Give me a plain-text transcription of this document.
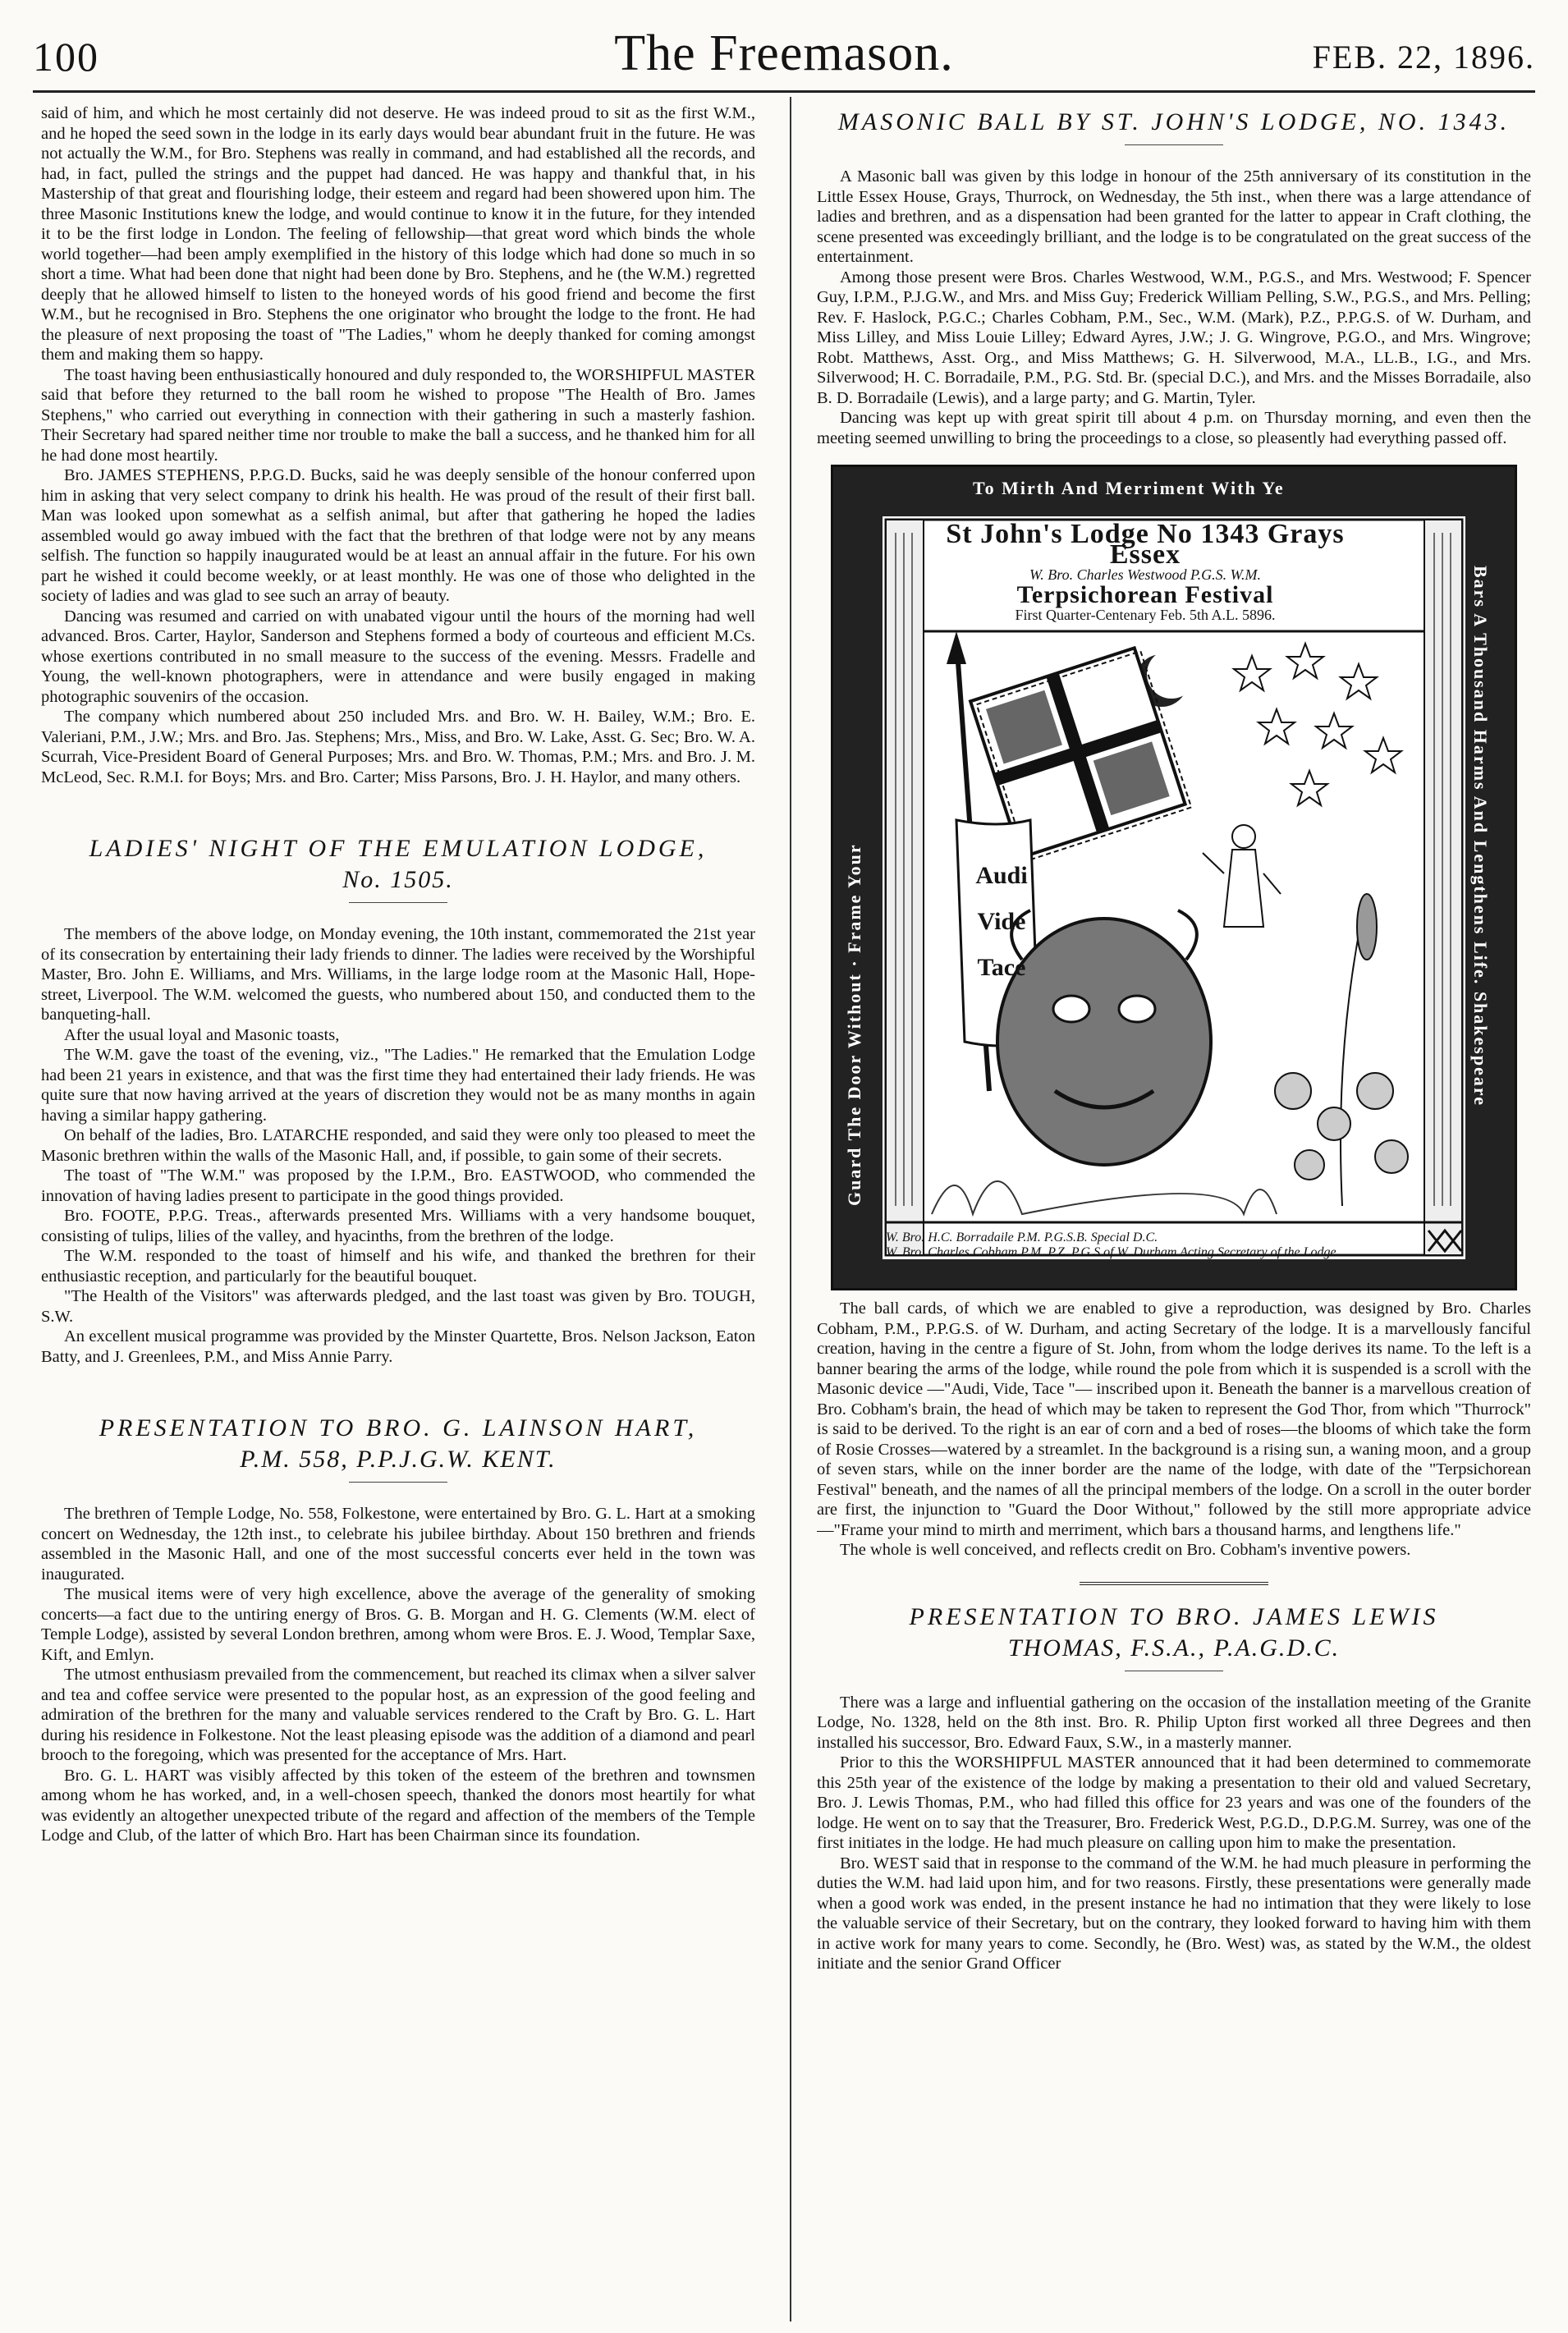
100	The Freemason.	FEB. 22, 1896.

said of him, and which he most certainly did not deserve. He was indeed proud to sit as the first W.M., and he hoped the seed sown in the lodge in its early days would bear abundant fruit in the future. He was not actually the W.M., for Bro. Stephens was really in command, and had established all the records, and had, in fact, pulled the strings and the puppet had danced. He was happy and thankful that, in his Mastership of that great and flourishing lodge, their esteem and regard had been showered upon him. The three Masonic Institutions knew the lodge, and would continue to know it in the future, for they intended it to be the first lodge in London. The feeling of fellowship—that great word which binds the whole world together—had been amply exemplified in the history of this lodge which had done so much in so short a time. What had been done that night had been done by Bro. Stephens, and he (the W.M.) regretted deeply that he allowed himself to listen to the honeyed words of his good friend and become the first W.M., but he recognised in Bro. Stephens the one originator who brought the lodge to the front. He had the pleasure of next proposing the toast of "The Ladies," whom he deeply thanked for coming amongst them and making them so happy.

The toast having been enthusiastically honoured and duly responded to, the WORSHIPFUL MASTER said that before they returned to the ball room he wished to propose "The Health of Bro. James Stephens," who carried out everything in connection with their gathering in such a masterly fashion. Their Secretary had spared neither time nor trouble to make the ball a success, and he thanked him for all he had done most heartily.

Bro. JAMES STEPHENS, P.P.G.D. Bucks, said he was deeply sensible of the honour conferred upon him in asking that very select company to drink his health. He was proud of the result of their first ball. Man was looked upon somewhat as a selfish animal, but after that gathering he hoped the ladies assembled would go away imbued with the fact that the brethren of that lodge were not by any means selfish. The function so happily inaugurated would be at least an annual affair in the future. For his own part he wished it could become weekly, or at least monthly. He was one of those who delighted in the society of ladies and was glad to see such an array of beauty.

Dancing was resumed and carried on with unabated vigour until the hours of the morning had well advanced. Bros. Carter, Haylor, Sanderson and Stephens formed a body of courteous and efficient M.Cs. whose exertions contributed in no small measure to the success of the evening. Messrs. Fradelle and Young, the well-known photographers, were in attendance and were busily engaged in making photographic souvenirs of the occasion.

The company which numbered about 250 included Mrs. and Bro. W. H. Bailey, W.M.; Bro. E. Valeriani, P.M., J.W.; Mrs. and Bro. Jas. Stephens; Mrs., Miss, and Bro. W. Lake, Asst. G. Sec; Bro. W. A. Scurrah, Vice-President Board of General Purposes; Mrs. and Bro. W. Thomas, P.M.; Mrs. and Bro. J. M. McLeod, Sec. R.M.I. for Boys; Mrs. and Bro. Carter; Miss Parsons, Bro. J. H. Haylor, and many others.

LADIES' NIGHT OF THE EMULATION LODGE,
No. 1505.

The members of the above lodge, on Monday evening, the 10th instant, commemorated the 21st year of its consecration by entertaining their lady friends to dinner. The ladies were received by the Worshipful Master, Bro. John E. Williams, and Mrs. Williams, in the large lodge room at the Masonic Hall, Hope-street, Liverpool. The W.M. welcomed the guests, who numbered about 150, and conducted them to the banqueting-hall.

After the usual loyal and Masonic toasts,

The W.M. gave the toast of the evening, viz., "The Ladies." He remarked that the Emulation Lodge had been 21 years in existence, and that was the first time they had entertained their lady friends. He was quite sure that now having arrived at the years of discretion they would not be as many months in again having a similar happy gathering.

On behalf of the ladies, Bro. LATARCHE responded, and said they were only too pleased to meet the Masonic brethren within the walls of the Masonic Hall, and, if possible, to gain some of their secrets.

The toast of "The W.M." was proposed by the I.P.M., Bro. EASTWOOD, who commended the innovation of having ladies present to participate in the good things provided.

Bro. FOOTE, P.P.G. Treas., afterwards presented Mrs. Williams with a very handsome bouquet, consisting of tulips, lilies of the valley, and hyacinths, from the brethren of the lodge.

The W.M. responded to the toast of himself and his wife, and thanked the brethren for their enthusiastic reception, and particularly for the beautiful bouquet.

"The Health of the Visitors" was afterwards pledged, and the last toast was given by Bro. TOUGH, S.W.

An excellent musical programme was provided by the Minster Quartette, Bros. Nelson Jackson, Eaton Batty, and J. Greenlees, P.M., and Miss Annie Parry.

PRESENTATION TO BRO. G. LAINSON HART,
P.M. 558, P.P.J.G.W. KENT.

The brethren of Temple Lodge, No. 558, Folkestone, were entertained by Bro. G. L. Hart at a smoking concert on Wednesday, the 12th inst., to celebrate his jubilee birthday. About 150 brethren and friends assembled in the Masonic Hall, and one of the most successful concerts ever held in the town was inaugurated.

The musical items were of very high excellence, above the average of the generality of smoking concerts—a fact due to the untiring energy of Bros. G. B. Morgan and H. G. Clements (W.M. elect of Temple Lodge), assisted by several London brethren, among whom were Bros. E. J. Wood, Templar Saxe, Kift, and Emlyn.

The utmost enthusiasm prevailed from the commencement, but reached its climax when a silver salver and tea and coffee service were presented to the popular host, as an expression of the good feeling and admiration of the brethren for the many and valuable services rendered to the Craft by Bro. G. L. Hart during his residence in Folkestone. Not the least pleasing episode was the addition of a diamond and pearl brooch to the foregoing, which was presented for the acceptance of Mrs. Hart.

Bro. G. L. HART was visibly affected by this token of the esteem of the brethren and townsmen among whom he has worked, and, in a well-chosen speech, thanked the donors most heartily for what was evidently an altogether unexpected tribute of the regard and affection of the members of the Temple Lodge and Club, of the latter of which Bro. Hart has been Chairman since its foundation.

MASONIC BALL BY ST. JOHN'S LODGE, NO. 1343.

A Masonic ball was given by this lodge in honour of the 25th anniversary of its constitution in the Little Essex House, Grays, Thurrock, on Wednesday, the 5th inst., when there was a large attendance of ladies and brethren, and as a dispensation had been granted for the latter to appear in Craft clothing, the scene presented was exceedingly brilliant, and the lodge is to be congratulated on the great success of the entertainment.

Among those present were Bros. Charles Westwood, W.M., P.G.S., and Mrs. Westwood; F. Spencer Guy, I.P.M., P.J.G.W., and Mrs. and Miss Guy; Frederick William Pelling, S.W., P.G.S., and Mrs. Pelling; Rev. F. Haslock, P.G.C.; Charles Cobham, P.M., Sec., W.M. (Mark), P.Z., P.P.G.S. of W. Durham, and Miss Lilley, and Miss Louie Lilley; Edward Ayres, J.W.; J. G. Wingrove, P.G.O., and Mrs. Wingrove; Robt. Matthews, Asst. Org., and Miss Matthews; G. H. Silverwood, M.A., LL.B., I.G., and Mrs. Silverwood; H. C. Borradaile, P.M., P.G. Std. Br. (special D.C.), and Mrs. and the Misses Borradaile, also B. D. Borradaile (Lewis), and a large party; and G. Martin, Tyler.

Dancing was kept up with great spirit till about 4 p.m. on Thursday morning, and even then the meeting seemed unwilling to bring the proceedings to a close, so pleasently had everything passed off.

To Mirth And Merriment With Ye
Bars A Thousand Harms And Lengthens Life. Shakespeare
Guard The Door Without · Frame Your
St John's Lodge No 1343 Grays Essex
W. Bro. Charles Westwood P.G.S. W.M.
Terpsichorean Festival
First Quarter-Centenary Feb. 5th A.L. 5896.
Audi
Vide
Tace
W. Bro. H.C. Borradaile P.M. P.G.S.B. Special D.C.
W. Bro. Charles Cobham P.M. P.Z. P.G.S.of W. Durham Acting Secretary of the Lodge.

The ball cards, of which we are enabled to give a reproduction, was designed by Bro. Charles Cobham, P.M., P.P.G.S. of W. Durham, and acting Secretary of the lodge. It is a marvellously fanciful creation, having in the centre a figure of St. John, from whom the lodge derives its name. To the left is a banner bearing the arms of the lodge, while round the pole from which it is suspended is a scroll with the Masonic device —"Audi, Vide, Tace "— inscribed upon it. Beneath the banner is a marvellous creation of Bro. Cobham's brain, the head of which may be taken to represent the God Thor, from which "Thurrock" is said to be derived. To the right is an ear of corn and a bed of roses—the blooms of which take the form of Rosie Crosses—watered by a streamlet. In the background is a rising sun, a waning moon, and a group of seven stars, while on the inner border are the name of the lodge, with date of the "Terpsichorean Festival" beneath, and the names of all the principal members of the lodge. On a scroll in the outer border are first, the injunction to "Guard the Door Without," followed by the still more appropriate advice—"Frame your mind to mirth and merriment, which bars a thousand harms, and lengthens life."

The whole is well conceived, and reflects credit on Bro. Cobham's inventive powers.

PRESENTATION TO BRO. JAMES LEWIS
THOMAS, F.S.A., P.A.G.D.C.

There was a large and influential gathering on the occasion of the installation meeting of the Granite Lodge, No. 1328, held on the 8th inst. Bro. R. Philip Upton first worked all three Degrees and then installed his successor, Bro. Edward Faux, S.W., in a masterly manner.

Prior to this the WORSHIPFUL MASTER announced that it had been determined to commemorate this 25th year of the existence of the lodge by making a presentation to their old and valued Secretary, Bro. J. Lewis Thomas, P.M., who had filled this office for 23 years and was one of the founders of the lodge. He went on to say that the Treasurer, Bro. Frederick West, P.G.D., D.P.G.M. Surrey, was one of the first initiates in the lodge. He had much pleasure on calling upon him to make the presentation.

Bro. WEST said that in response to the command of the W.M. he had much pleasure in performing the duties the W.M. had laid upon him, and for two reasons. Firstly, these presentations were generally made when a good work was ended, in the present instance he had no intimation that they were likely to lose the valuable service of their Secretary, but on the contrary, they looked forward to having him with them in active work for many years to come. Secondly, he (Bro. West) was, as stated by the W.M., the oldest initiate and the senior Grand Officer
